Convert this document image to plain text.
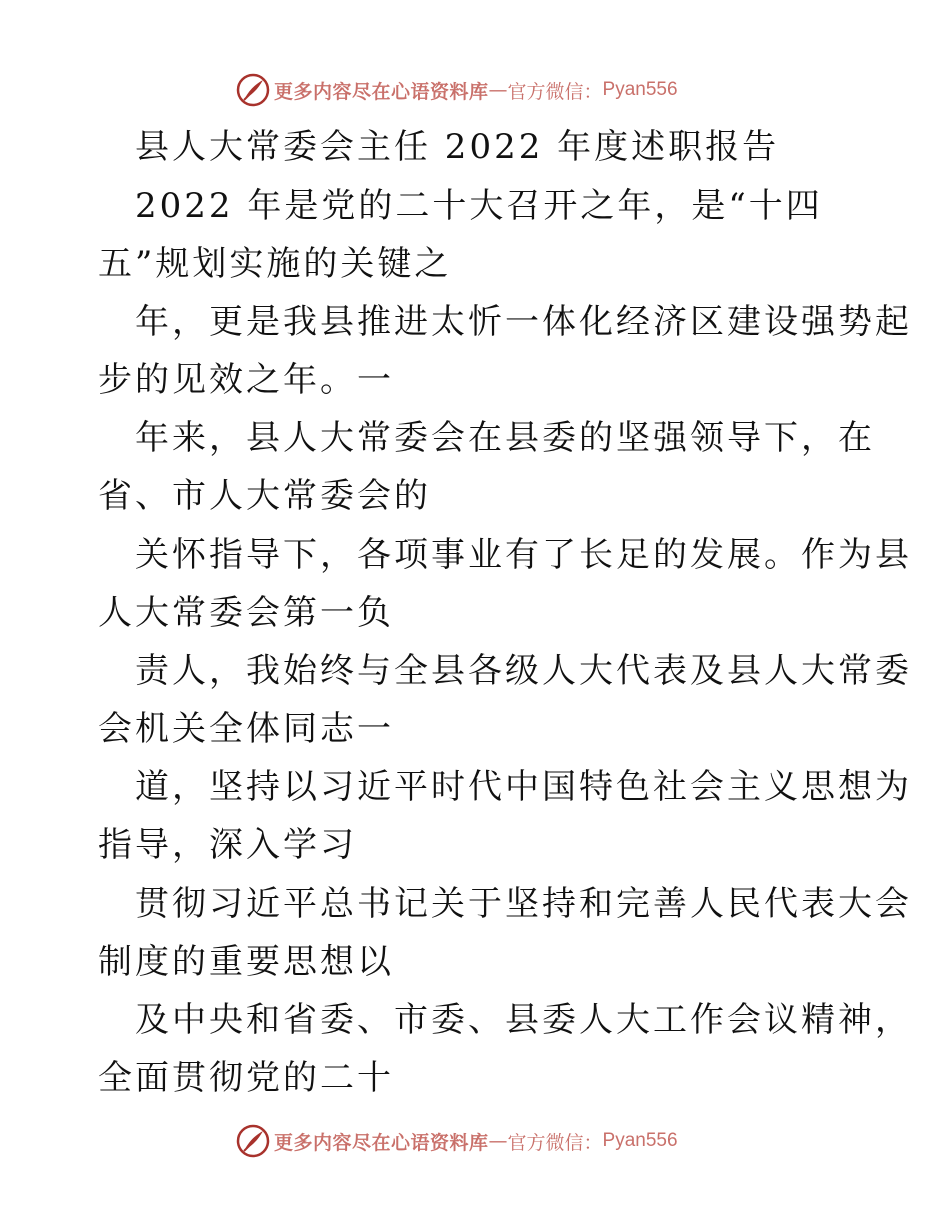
更多内容尽在心语资料库 — 官方微信： Pyan556
县人大常委会主任 2022 年度述职报告
2022 年是党的二十大召开之年，是“十四
五”规划实施的关键之
年，更是我县推进太忻一体化经济区建设强势起
步的见效之年。一
年来，县人大常委会在县委的坚强领导下，在
省、市人大常委会的
关怀指导下，各项事业有了长足的发展。作为县
人大常委会第一负
责人，我始终与全县各级人大代表及县人大常委
会机关全体同志一
道，坚持以习近平时代中国特色社会主义思想为
指导，深入学习
贯彻习近平总书记关于坚持和完善人民代表大会
制度的重要思想以
及中央和省委、市委、县委人大工作会议精神，
全面贯彻党的二十
更多内容尽在心语资料库 — 官方微信： Pyan556
